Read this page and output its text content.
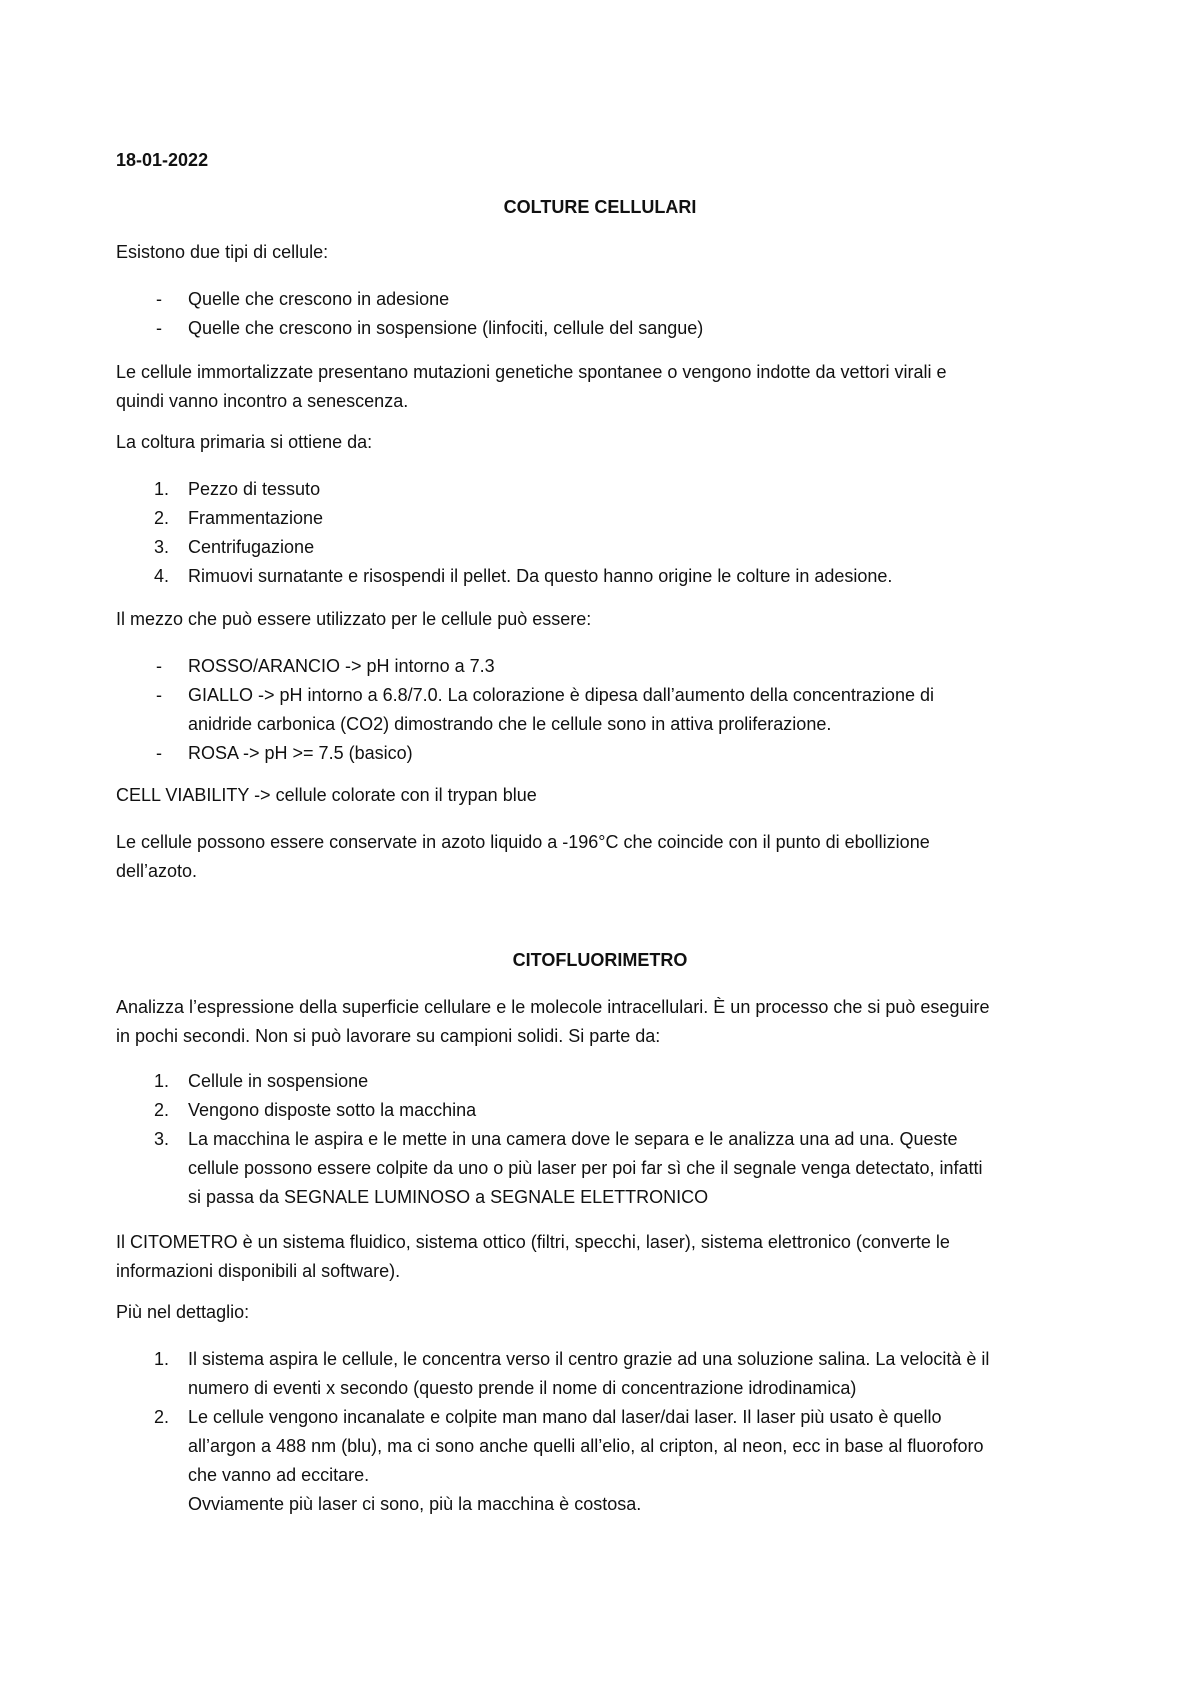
18-01-2022

COLTURE CELLULARI

Esistono due tipi di cellule:

-	Quelle che crescono in adesione
-	Quelle che crescono in sospensione (linfociti, cellule del sangue)
Le cellule immortalizzate presentano mutazioni genetiche spontanee o vengono indotte da vettori virali e
quindi vanno incontro a senescenza.

La coltura primaria si ottiene da:

1.	Pezzo di tessuto
2.	Frammentazione
3.	Centrifugazione
4.	Rimuovi surnatante e risospendi il pellet. Da questo hanno origine le colture in adesione.

Il mezzo che può essere utilizzato per le cellule può essere:

-	ROSSO/ARANCIO -> pH intorno a 7.3
-	GIALLO -> pH intorno a 6.8/7.0. La colorazione è dipesa dall’aumento della concentrazione di
anidride carbonica (CO2) dimostrando che le cellule sono in attiva proliferazione.
-	ROSA -> pH >= 7.5 (basico)

CELL VIABILITY -> cellule colorate con il trypan blue

Le cellule possono essere conservate in azoto liquido a -196°C che coincide con il punto di ebollizione
dell’azoto.

CITOFLUORIMETRO

Analizza l’espressione della superficie cellulare e le molecole intracellulari. È un processo che si può eseguire
in pochi secondi. Non si può lavorare su campioni solidi. Si parte da:
1.	Cellule in sospensione
2.	Vengono disposte sotto la macchina
3.	La macchina le aspira e le mette in una camera dove le separa e le analizza una ad una. Queste
cellule possono essere colpite da uno o più laser per poi far sì che il segnale venga detectato, infatti
si passa da SEGNALE LUMINOSO a SEGNALE ELETTRONICO
Il CITOMETRO è un sistema fluidico, sistema ottico (filtri, specchi, laser), sistema elettronico (converte le
informazioni disponibili al software).

Più nel dettaglio:

1.	Il sistema aspira le cellule, le concentra verso il centro grazie ad una soluzione salina. La velocità è il
numero di eventi x secondo (questo prende il nome di concentrazione idrodinamica)
2.	Le cellule vengono incanalate e colpite man mano dal laser/dai laser. Il laser più usato è quello
all’argon a 488 nm (blu), ma ci sono anche quelli all’elio, al cripton, al neon, ecc in base al fluoroforo
che vanno ad eccitare.
Ovviamente più laser ci sono, più la macchina è costosa.
